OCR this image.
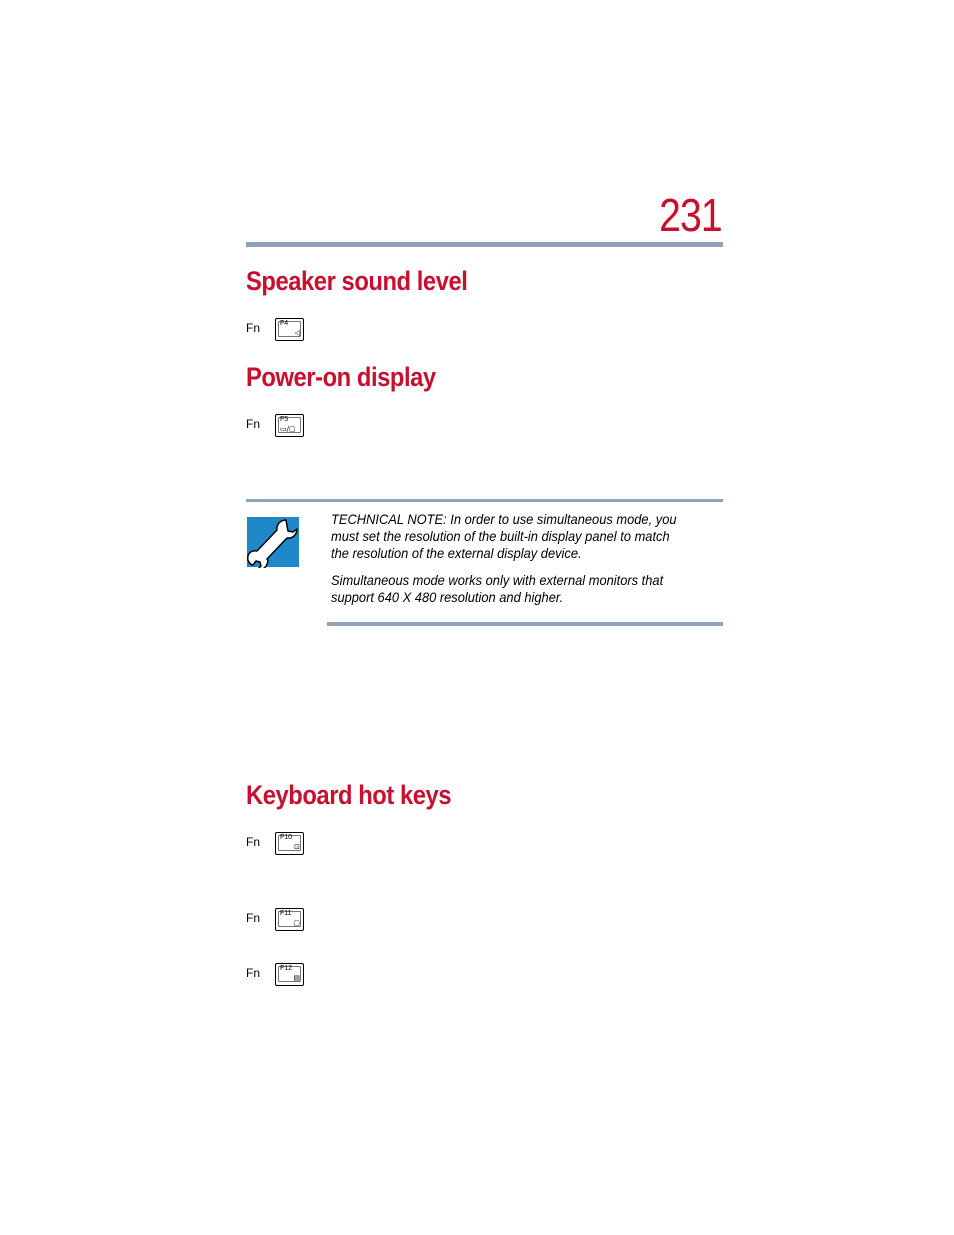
231
Speaker sound level
Fn	F4
◁
Power-on display
Fn	F5
▭/▢

TECHNICAL NOTE: In order to use simultaneous mode, you must set the resolution of the built-in display panel to match the resolution of the external display device.

Simultaneous mode works only with external monitors that support 640 X 480 resolution and higher.

Keyboard hot keys
Fn	F10
⊡
Fn	F11
▢
Fn	F12
▤
